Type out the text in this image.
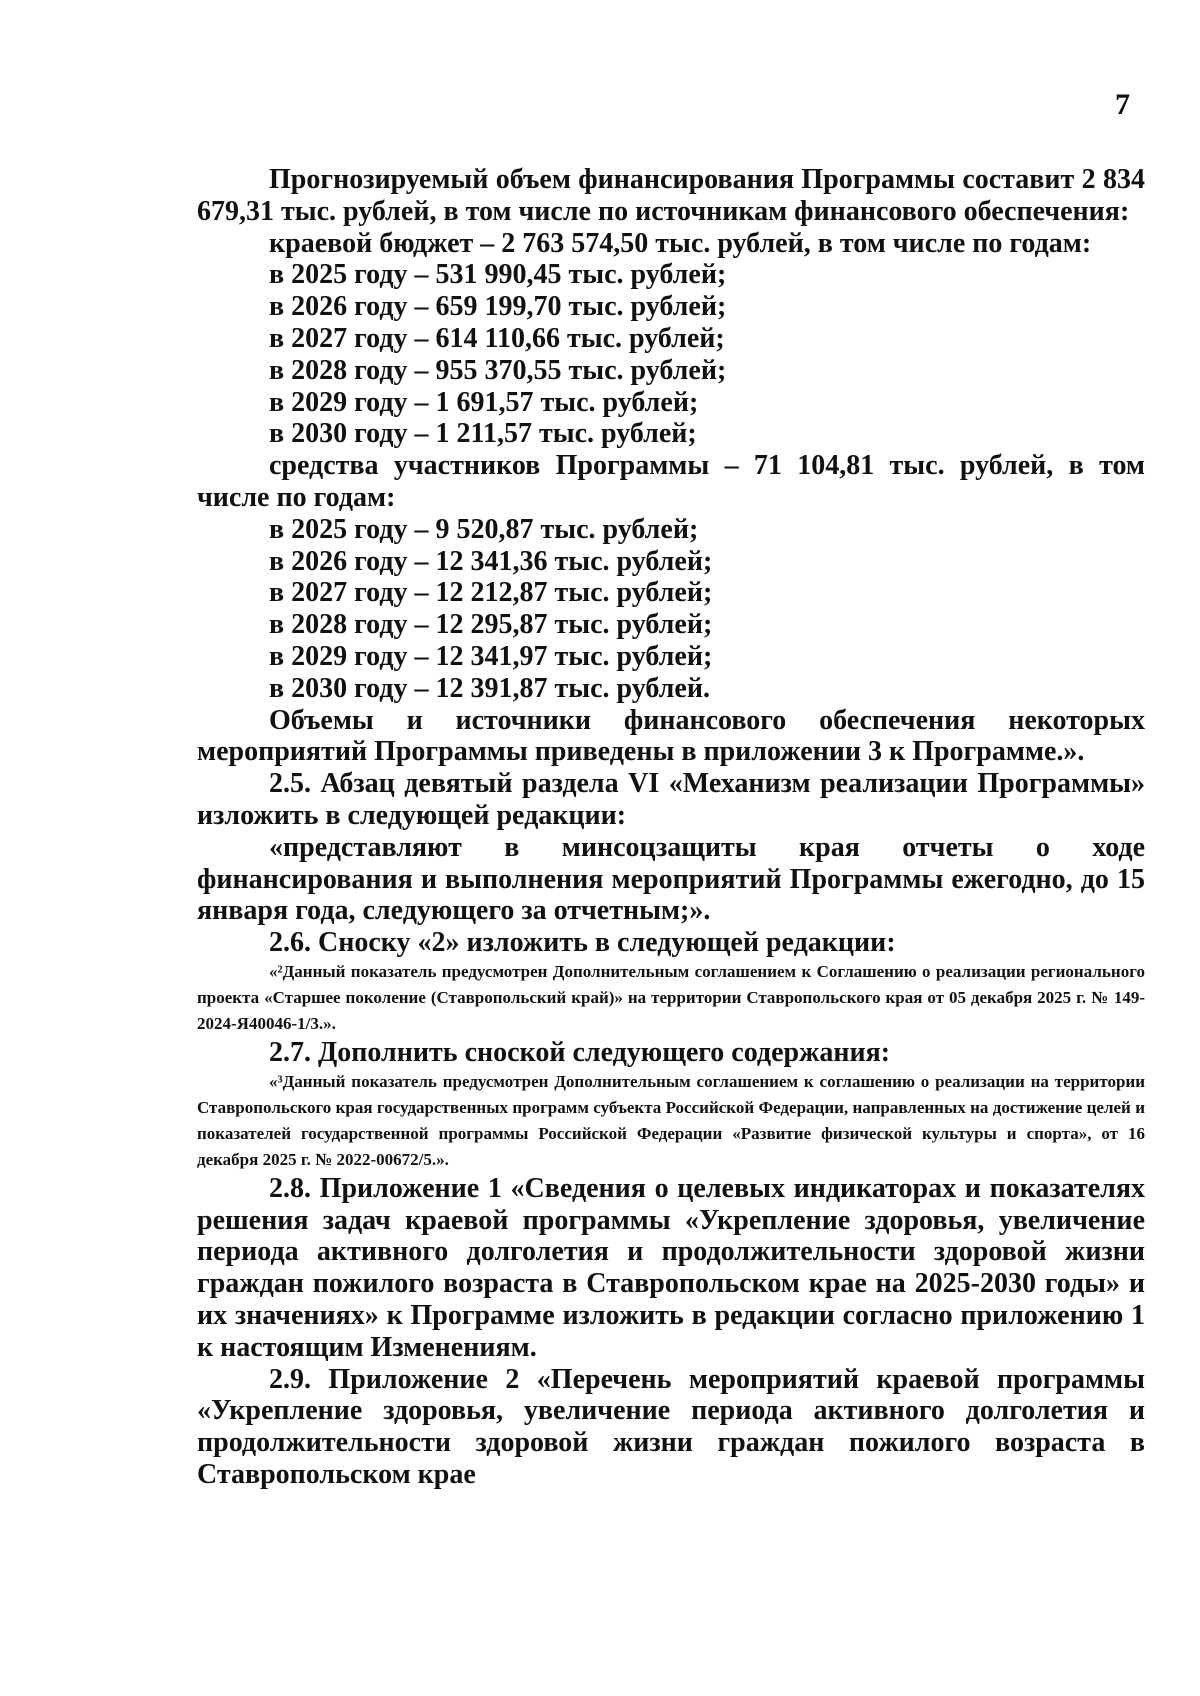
7

Прогнозируемый объем финансирования Программы составит 2 834 679,31 тыс. рублей, в том числе по источникам финансового обеспечения:

краевой бюджет – 2 763 574,50 тыс. рублей, в том числе по годам:

в 2025 году – 531 990,45 тыс. рублей;

в 2026 году – 659 199,70 тыс. рублей;

в 2027 году – 614 110,66 тыс. рублей;

в 2028 году – 955 370,55 тыс. рублей;

в 2029 году – 1 691,57 тыс. рублей;

в 2030 году – 1 211,57 тыс. рублей;

средства участников Программы – 71 104,81 тыс. рублей, в том числе по годам:

в 2025 году – 9 520,87 тыс. рублей;

в 2026 году – 12 341,36 тыс. рублей;

в 2027 году – 12 212,87 тыс. рублей;

в 2028 году – 12 295,87 тыс. рублей;

в 2029 году – 12 341,97 тыс. рублей;

в 2030 году – 12 391,87 тыс. рублей.

Объемы и источники финансового обеспечения некоторых мероприятий Программы приведены в приложении 3 к Программе.».

2.5. Абзац девятый раздела VI «Механизм реализации Программы» изложить в следующей редакции:

«представляют в минсоцзащиты края отчеты о ходе финансирования и выполнения мероприятий Программы ежегодно, до 15 января года, следующего за отчетным;».

2.6. Сноску «2» изложить в следующей редакции:

«²Данный показатель предусмотрен Дополнительным соглашением к Соглашению о реализации регионального проекта «Старшее поколение (Ставропольский край)» на территории Ставропольского края от 05 декабря 2025 г. № 149-2024-Я40046-1/3.».

2.7. Дополнить сноской следующего содержания:

«³Данный показатель предусмотрен Дополнительным соглашением к соглашению о реализации на территории Ставропольского края государственных программ субъекта Российской Федерации, направленных на достижение целей и показателей государственной программы Российской Федерации «Развитие физической культуры и спорта», от 16 декабря 2025 г. № 2022-00672/5.».

2.8. Приложение 1 «Сведения о целевых индикаторах и показателях решения задач краевой программы «Укрепление здоровья, увеличение периода активного долголетия и продолжительности здоровой жизни граждан пожилого возраста в Ставропольском крае на 2025-2030 годы» и их значениях» к Программе изложить в редакции согласно приложению 1 к настоящим Изменениям.

2.9. Приложение 2 «Перечень мероприятий краевой программы «Укрепление здоровья, увеличение периода активного долголетия и продолжительности здоровой жизни граждан пожилого возраста в Ставропольском крае
